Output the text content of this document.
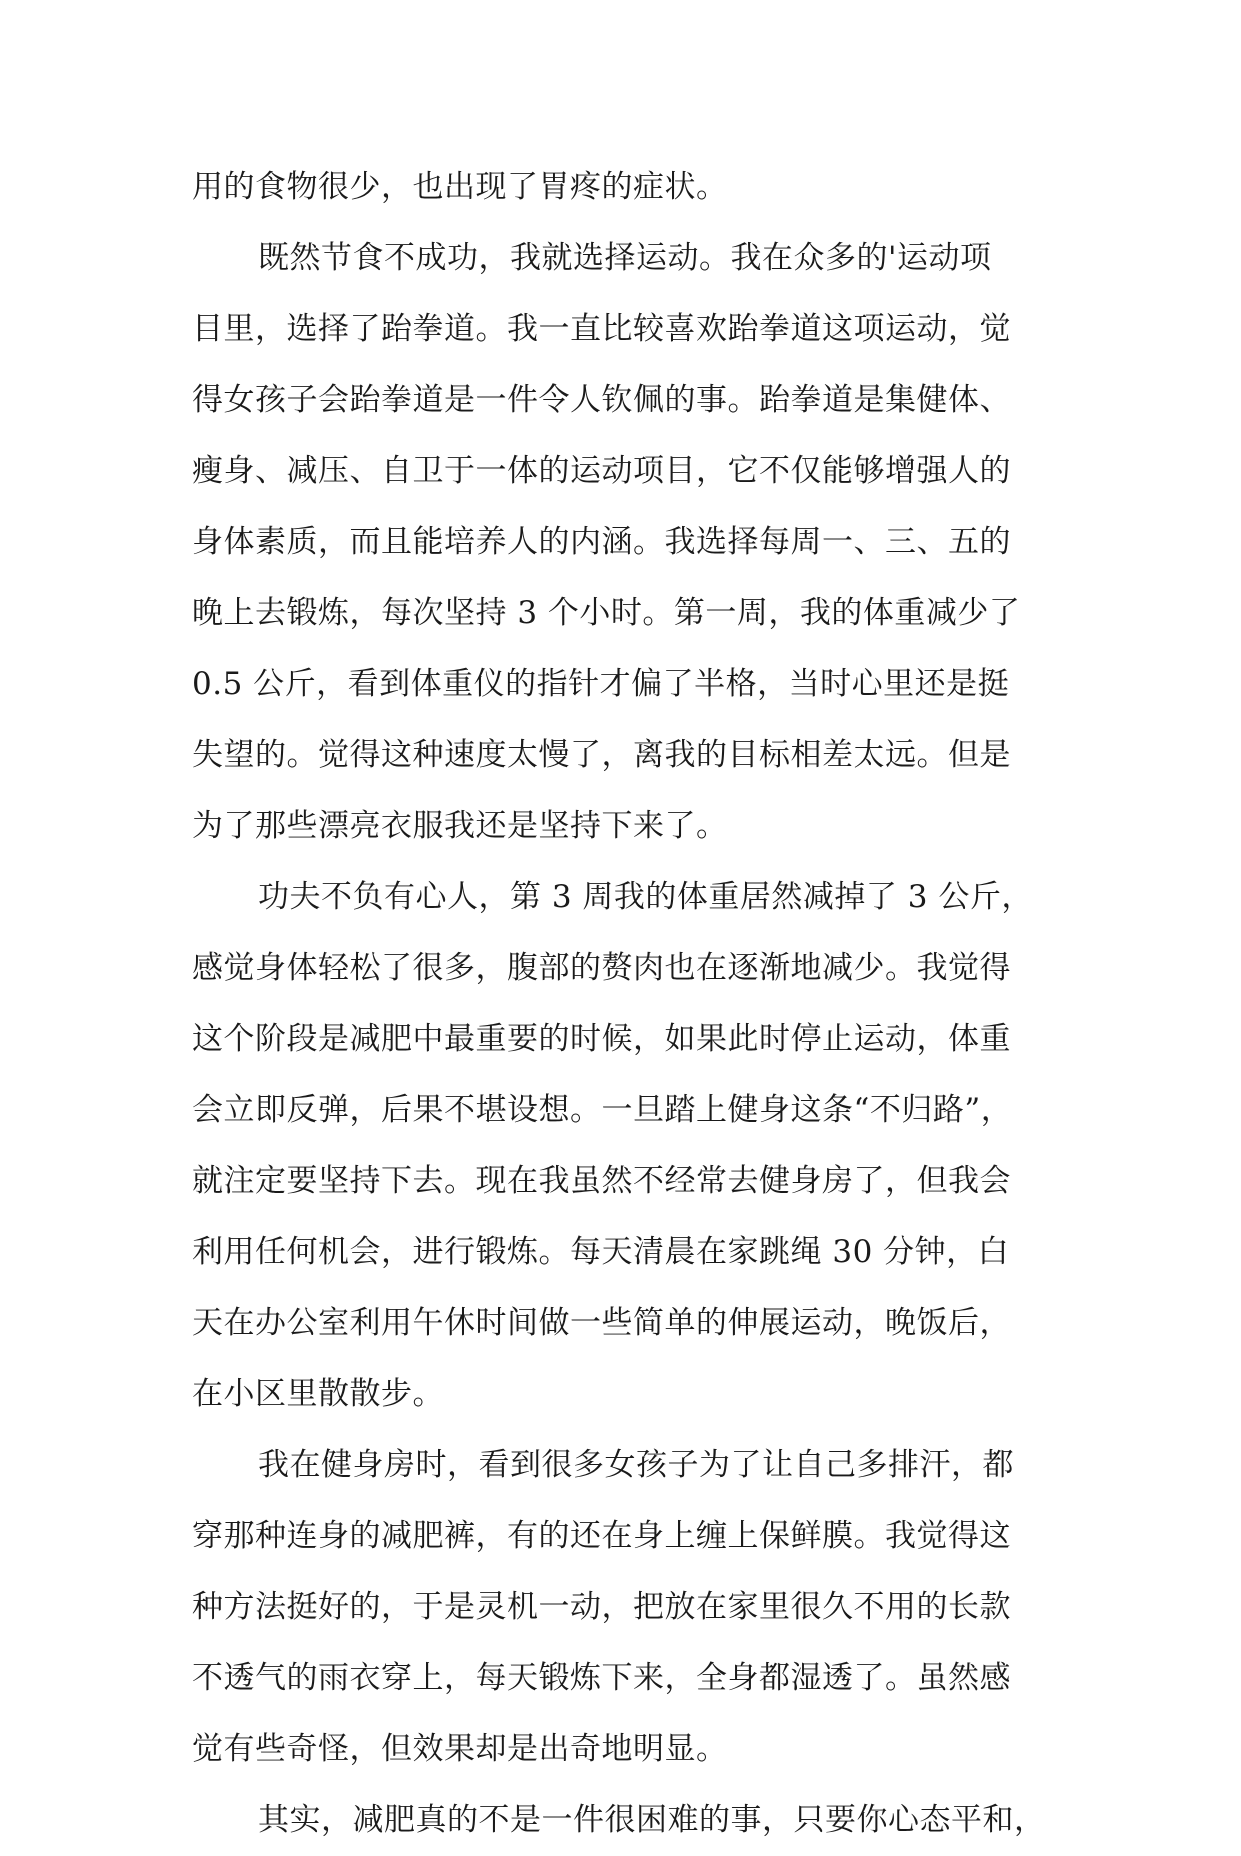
用的食物很少，也出现了胃疼的症状。
既然节食不成功，我就选择运动。我在众多的'运动项
目里，选择了跆拳道。我一直比较喜欢跆拳道这项运动，觉
得女孩子会跆拳道是一件令人钦佩的事。跆拳道是集健体、
瘦身、减压、自卫于一体的运动项目，它不仅能够增强人的
身体素质，而且能培养人的内涵。我选择每周一、三、五的
晚上去锻炼，每次坚持 3 个小时。第一周，我的体重减少了
0.5 公斤，看到体重仪的指针才偏了半格，当时心里还是挺
失望的。觉得这种速度太慢了，离我的目标相差太远。但是
为了那些漂亮衣服我还是坚持下来了。
功夫不负有心人，第 3 周我的体重居然减掉了 3 公斤，
感觉身体轻松了很多，腹部的赘肉也在逐渐地减少。我觉得
这个阶段是减肥中最重要的时候，如果此时停止运动，体重
会立即反弹，后果不堪设想。一旦踏上健身这条“不归路”，
就注定要坚持下去。现在我虽然不经常去健身房了，但我会
利用任何机会，进行锻炼。每天清晨在家跳绳 30 分钟，白
天在办公室利用午休时间做一些简单的伸展运动，晚饭后，
在小区里散散步。
我在健身房时，看到很多女孩子为了让自己多排汗，都
穿那种连身的减肥裤，有的还在身上缠上保鲜膜。我觉得这
种方法挺好的，于是灵机一动，把放在家里很久不用的长款
不透气的雨衣穿上，每天锻炼下来，全身都湿透了。虽然感
觉有些奇怪，但效果却是出奇地明显。
其实，减肥真的不是一件很困难的事，只要你心态平和，
